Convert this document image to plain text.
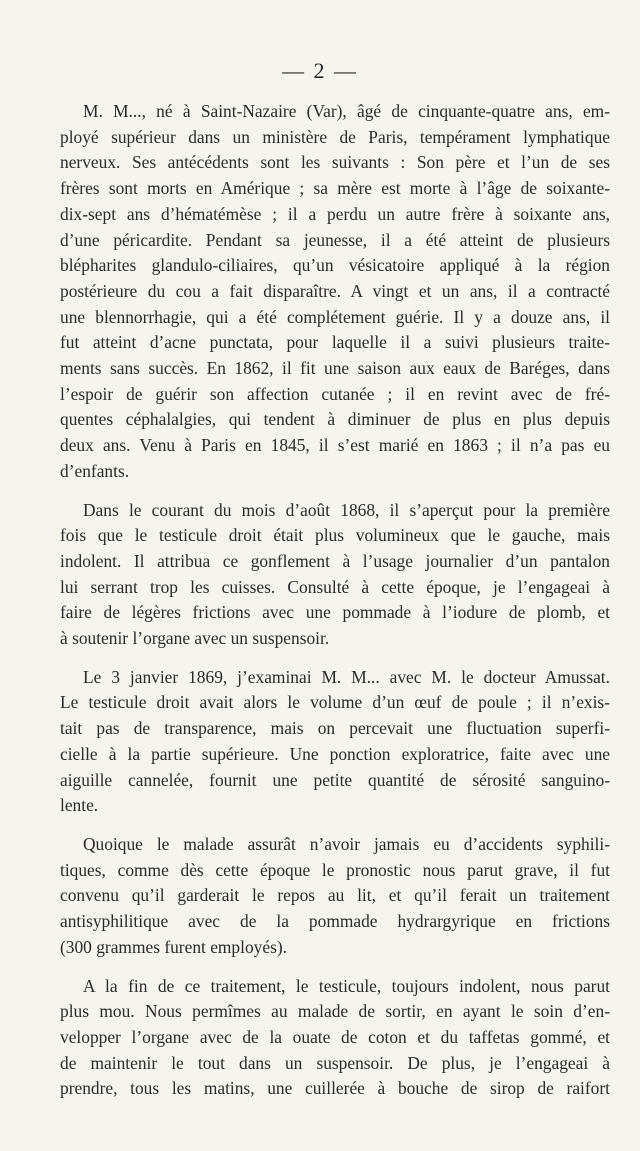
— 2 —

M. M..., né à Saint-Nazaire (Var), âgé de cinquante-quatre ans, em-
ployé supérieur dans un ministère de Paris, tempérament lymphatique
nerveux. Ses antécédents sont les suivants : Son père et l’un de ses
frères sont morts en Amérique ; sa mère est morte à l’âge de soixante-
dix-sept ans d’hématémèse ; il a perdu un autre frère à soixante ans,
d’une péricardite. Pendant sa jeunesse, il a été atteint de plusieurs
blépharites glandulo-ciliaires, qu’un vésicatoire appliqué à la région
postérieure du cou a fait disparaître. A vingt et un ans, il a contracté
une blennorrhagie, qui a été complétement guérie. Il y a douze ans, il
fut atteint d’acne punctata, pour laquelle il a suivi plusieurs traite-
ments sans succès. En 1862, il fit une saison aux eaux de Baréges, dans
l’espoir de guérir son affection cutanée ; il en revint avec de fré-
quentes céphalalgies, qui tendent à diminuer de plus en plus depuis
deux ans. Venu à Paris en 1845, il s’est marié en 1863 ; il n’a pas eu
d’enfants.

Dans le courant du mois d’août 1868, il s’aperçut pour la première
fois que le testicule droit était plus volumineux que le gauche, mais
indolent. Il attribua ce gonflement à l’usage journalier d’un pantalon
lui serrant trop les cuisses. Consulté à cette époque, je l’engageai à
faire de légères frictions avec une pommade à l’iodure de plomb, et
à soutenir l’organe avec un suspensoir.

Le 3 janvier 1869, j’examinai M. M... avec M. le docteur Amussat.
Le testicule droit avait alors le volume d’un œuf de poule ; il n’exis-
tait pas de transparence, mais on percevait une fluctuation superfi-
cielle à la partie supérieure. Une ponction exploratrice, faite avec une
aiguille cannelée, fournit une petite quantité de sérosité sanguino-
lente.

Quoique le malade assurât n’avoir jamais eu d’accidents syphili-
tiques, comme dès cette époque le pronostic nous parut grave, il fut
convenu qu’il garderait le repos au lit, et qu’il ferait un traitement
antisyphilitique avec de la pommade hydrargyrique en frictions
(300 grammes furent employés).

A la fin de ce traitement, le testicule, toujours indolent, nous parut
plus mou. Nous permîmes au malade de sortir, en ayant le soin d’en-
velopper l’organe avec de la ouate de coton et du taffetas gommé, et
de maintenir le tout dans un suspensoir. De plus, je l’engageai à
prendre, tous les matins, une cuillerée à bouche de sirop de raifort
